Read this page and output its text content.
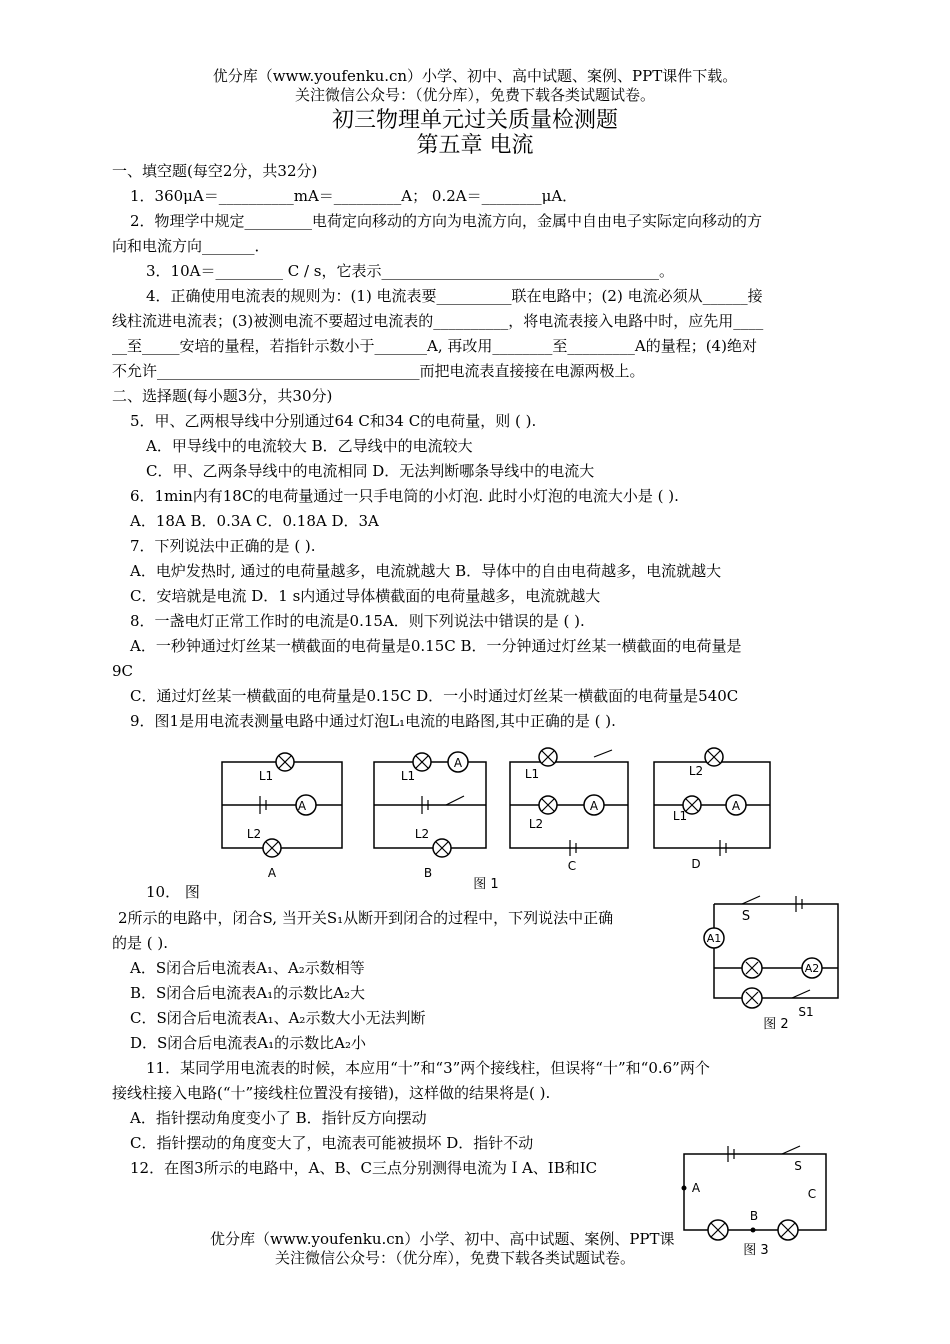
优分库（www.youfenku.cn）小学、初中、高中试题、案例、PPT课件下载。
关注微信公众号：（优分库），免费下载各类试题试卷。
初三物理单元过关质量检测题
第五章 电流
一、填空题(每空2分，共32分)
1．360μA＝__________mA＝_________A； 0.2A＝________μA．
2．物理学中规定_________电荷定向移动的方向为电流方向，金属中自由电子实际定向移动的方
向和电流方向_______．
3．10A＝_________ C / s，它表示_____________________________________。
4．正确使用电流表的规则为：(1) 电流表要__________联在电路中；(2) 电流必须从______接
线柱流进电流表；(3)被测电流不要超过电流表的__________，将电流表接入电路中时，应先用____
__至_____安培的量程，若指针示数小于_______A, 再改用________至_________A的量程；(4)绝对
不允许___________________________________而把电流表直接接在电源两极上。
二、选择题(每小题3分，共30分)
5．甲、乙两根导线中分别通过64 C和34 C的电荷量，则 ( ).
A．甲导线中的电流较大 B．乙导线中的电流较大
C．甲、乙两条导线中的电流相同 D．无法判断哪条导线中的电流大
6．1min内有18C的电荷量通过一只手电筒的小灯泡. 此时小灯泡的电流大小是 ( ).
A．18A B．0.3A C．0.18A D．3A
7．下列说法中正确的是 ( ).
A．电炉发热时, 通过的电荷量越多，电流就越大 B．导体中的自由电荷越多，电流就越大
C．安培就是电流 D．1 s内通过导体横截面的电荷量越多，电流就越大
8．一盏电灯正常工作时的电流是0.15A．则下列说法中错误的是 ( ).
A．一秒钟通过灯丝某一横截面的电荷量是0.15C B．一分钟通过灯丝某一横截面的电荷量是
9C
C．通过灯丝某一横截面的电荷量是0.15C D．一小时通过灯丝某一横截面的电荷量是540C
9．图1是用电流表测量电路中通过灯泡L₁电流的电路图,其中正确的是 ( ).
A
A
A	A
L1
L2
L1
L2
L1
L2
L2
L1
A	B	C	D
图 1
10． 图
2所示的电路中，闭合S, 当开关S₁从断开到闭合的过程中，下列说法中正确
的是 ( ).
A．S闭合后电流表A₁、A₂示数相等
B．S闭合后电流表A₁的示数比A₂大
C．S闭合后电流表A₁、A₂示数大小无法判断
D．S闭合后电流表A₁的示数比A₂小
A1
A2
S
S1
图 2
11．某同学用电流表的时候，本应用“十”和“3”两个接线柱，但误将“十”和“0.6”两个
接线柱接入电路(“十”接线柱位置没有接错)，这样做的结果将是( ).
A．指针摆动角度变小了 B．指针反方向摆动
C．指针摆动的角度变大了，电流表可能被损坏 D．指针不动
12．在图3所示的电路中，A、B、C三点分别测得电流为ＩA、IB和IC	S
A
B
C
图 3
优分库（www.youfenku.cn）小学、初中、高中试题、案例、PPT课
关注微信公众号：（优分库），免费下载各类试题试卷。
